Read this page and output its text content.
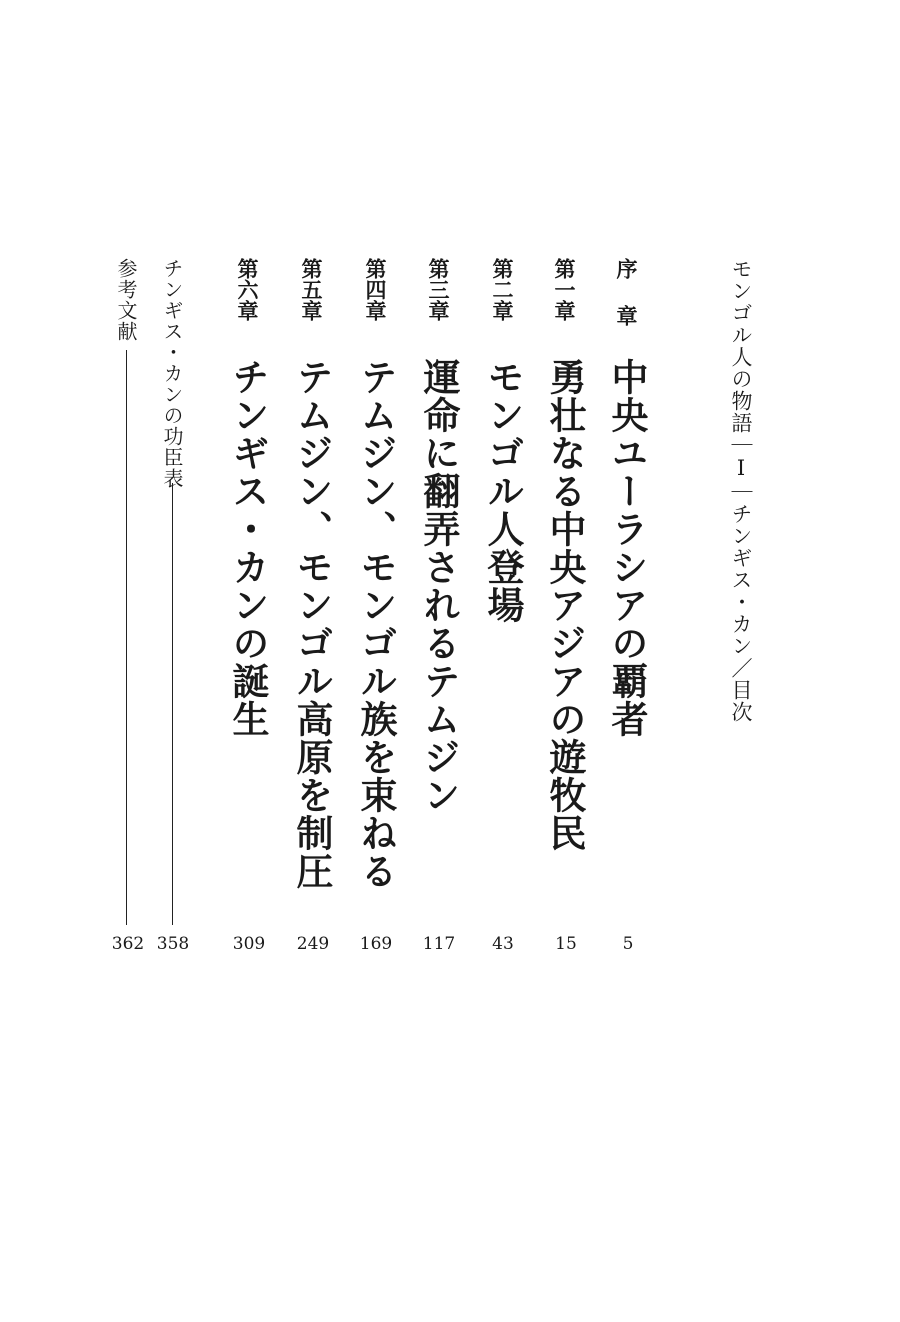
モンゴル人の物語｜Ⅰ｜チンギス・カン／目次
序章
中央ユーラシアの覇者
5
第一章
勇壮なる中央アジアの遊牧民
15
第二章
モンゴル人登場
43
第三章
運命に翻弄されるテムジン
117
第四章
テムジン、モンゴル族を束ねる
169
第五章
テムジン、モンゴル高原を制圧
249
第六章
チンギス・カンの誕生
309
チンギス・カンの功臣表
358
参考文献
362
